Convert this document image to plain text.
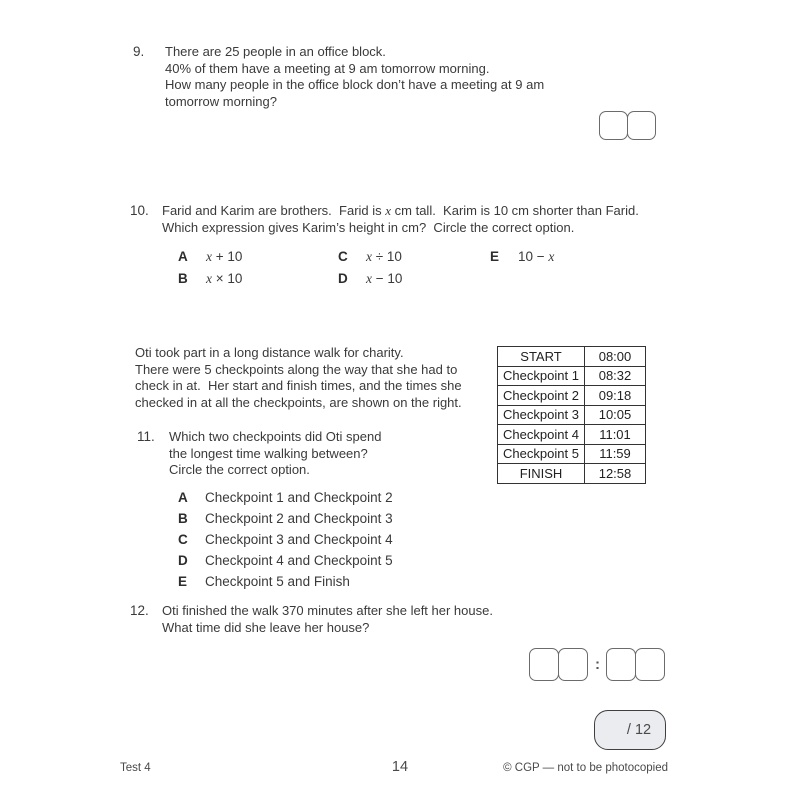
9.	There are 25 people in an office block.
40% of them have a meeting at 9 am tomorrow morning.
How many people in the office block don’t have a meeting at 9 am
tomorrow morning?
10.	Farid and Karim are brothers.  Farid is x cm tall.  Karim is 10 cm shorter than Farid.
Which expression gives Karim’s height in cm?  Circle the correct option.
A	x + 10
B	x × 10
C	x ÷ 10
D	x − 10
E	10 − x
Oti took part in a long distance walk for charity.
There were 5 checkpoints along the way that she had to
check in at.  Her start and finish times, and the times she
checked in at all the checkpoints, are shown on the right.
START	08:00
Checkpoint 1	08:32
Checkpoint 2	09:18
Checkpoint 3	10:05
Checkpoint 4	11:01
Checkpoint 5	11:59
FINISH	12:58
11.	Which two checkpoints did Oti spend
the longest time walking between?
Circle the correct option.
A	Checkpoint 1 and Checkpoint 2
B	Checkpoint 2 and Checkpoint 3
C	Checkpoint 3 and Checkpoint 4
D	Checkpoint 4 and Checkpoint 5
E	Checkpoint 5 and Finish
12.	Oti finished the walk 370 minutes after she left her house.
What time did she leave her house?
:
/ 12
Test 4	14	© CGP — not to be photocopied
